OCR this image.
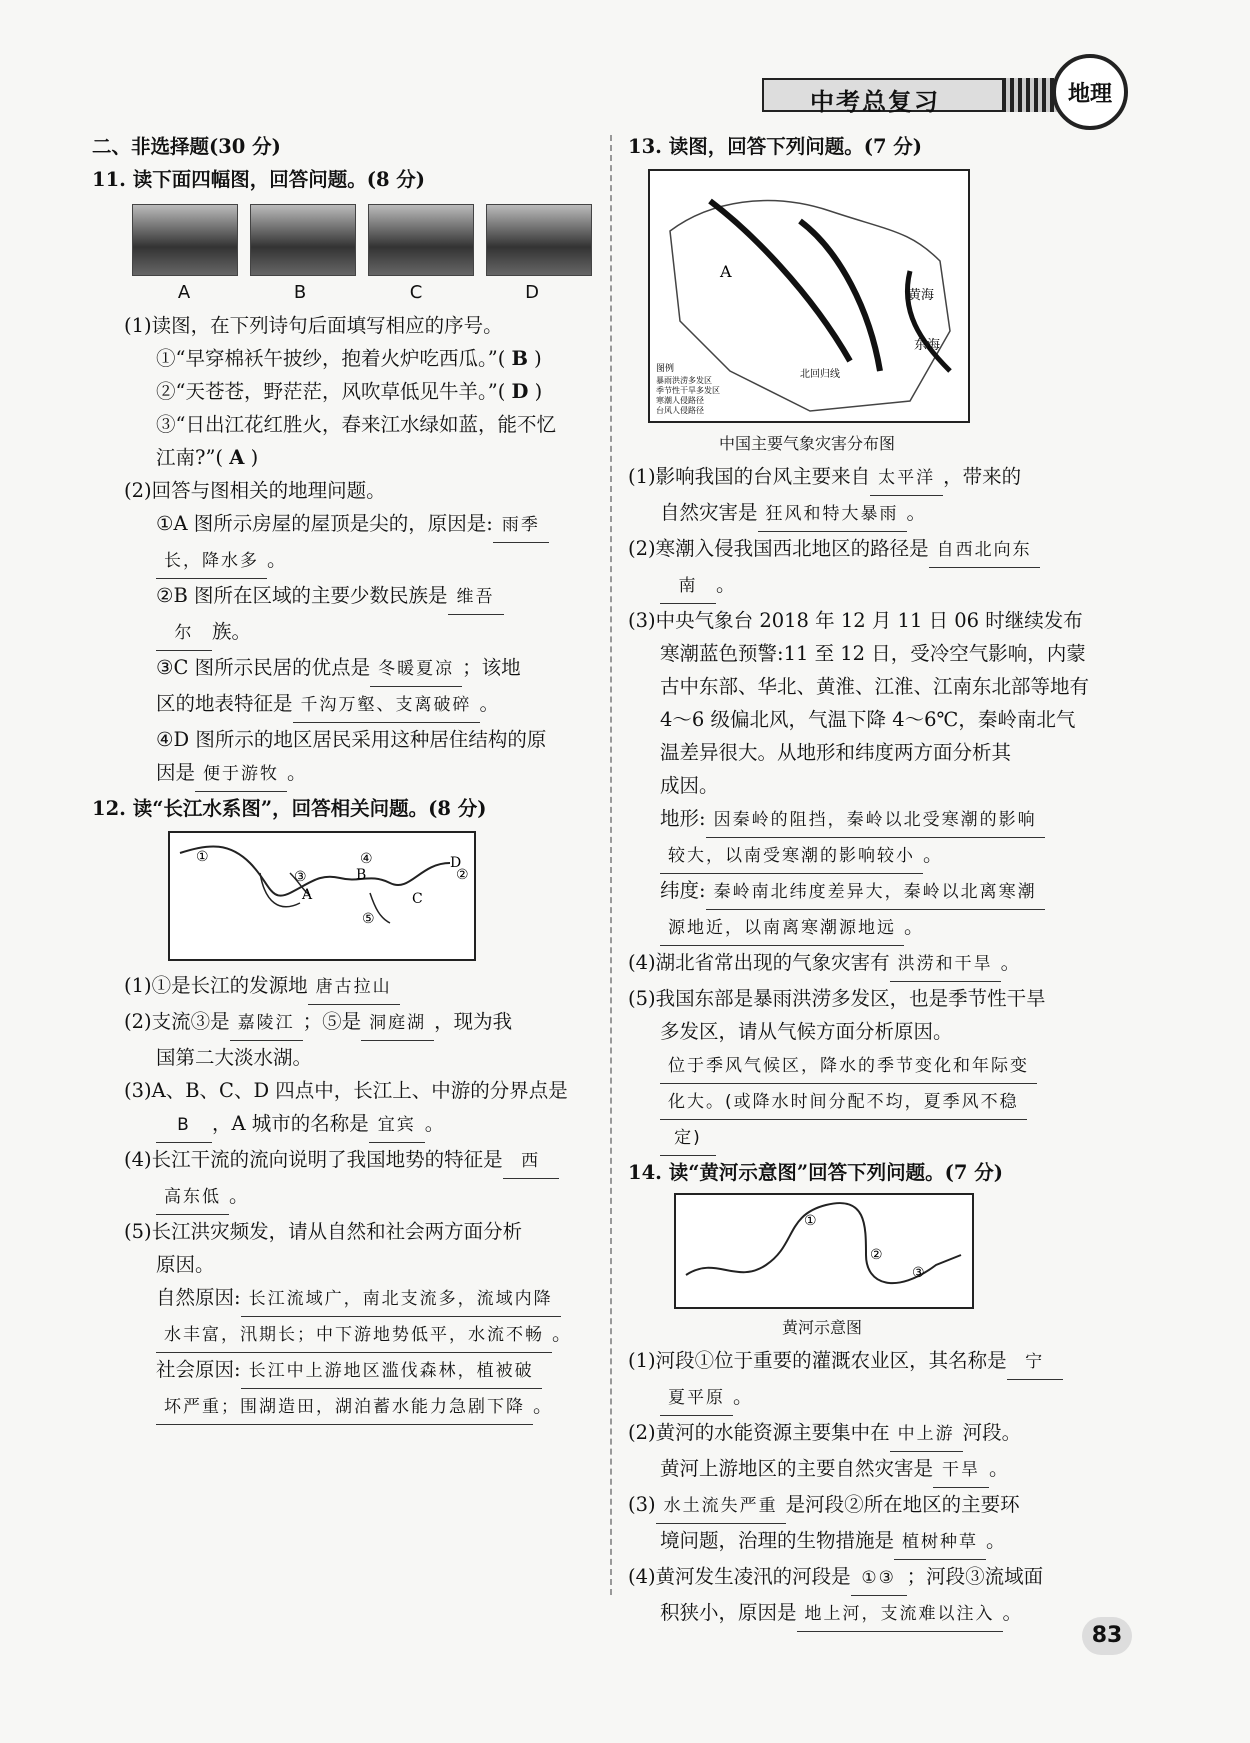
中考总复习	地理
二、非选择题(30 分)
11. 读下面四幅图，回答问题。(8 分)
A	B	C	D
(1)读图，在下列诗句后面填写相应的序号。
①“早穿棉袄午披纱，抱着火炉吃西瓜。”( B )
②“天苍苍，野茫茫，风吹草低见牛羊。”( D )
③“日出江花红胜火，春来江水绿如蓝，能不忆
江南?”( A )
(2)回答与图相关的地理问题。
①A 图所示房屋的屋顶是尖的，原因是: 雨季
长，降水多 。
②B 图所在区域的主要少数民族是 维吾
尔 族。
③C 图所示民居的优点是 冬暖夏凉 ；该地
区的地表特征是 千沟万壑、支离破碎 。
④D 图所示的地区居民采用这种居住结构的原
因是 便于游牧 。
12. 读“长江水系图”，回答相关问题。(8 分)
①
②
③
④
⑤
A
B
C
D
(1)①是长江的发源地 唐古拉山
(2)支流③是 嘉陵江 ；⑤是 洞庭湖 ，现为我
国第二大淡水湖。
(3)A、B、C、D 四点中，长江上、中游的分界点是
B ，A 城市的名称是 宜宾 。
(4)长江干流的流向说明了我国地势的特征是 西
高东低 。
(5)长江洪灾频发，请从自然和社会两方面分析
原因。
自然原因: 长江流域广，南北支流多，流域内降
水丰富，汛期长；中下游地势低平，水流不畅 。
社会原因: 长江中上游地区滥伐森林，植被破
坏严重；围湖造田，湖泊蓄水能力急剧下降 。
13. 读图，回答下列问题。(7 分)
黄海
东海
A
北回归线
图例
暴雨洪涝多发区
季节性干旱多发区
寒潮人侵路径
台风人侵路径
中国主要气象灾害分布图
(1)影响我国的台风主要来自 太平洋 ，带来的
自然灾害是 狂风和特大暴雨 。
(2)寒潮入侵我国西北地区的路径是 自西北向东
南 。
(3)中央气象台 2018 年 12 月 11 日 06 时继续发布
寒潮蓝色预警:11 至 12 日，受冷空气影响，内蒙
古中东部、华北、黄淮、江淮、江南东北部等地有
4～6 级偏北风，气温下降 4～6℃，秦岭南北气
温差异很大。从地形和纬度两方面分析其
成因。
地形: 因秦岭的阻挡，秦岭以北受寒潮的影响
较大，以南受寒潮的影响较小 。
纬度: 秦岭南北纬度差异大，秦岭以北离寒潮
源地近，以南离寒潮源地远 。
(4)湖北省常出现的气象灾害有 洪涝和干旱 。
(5)我国东部是暴雨洪涝多发区，也是季节性干旱
多发区，请从气候方面分析原因。
位于季风气候区，降水的季节变化和年际变
化大。(或降水时间分配不均，夏季风不稳
定)
14. 读“黄河示意图”回答下列问题。(7 分)
①
②
③
黄河示意图
(1)河段①位于重要的灌溉农业区，其名称是 宁
夏平原 。
(2)黄河的水能资源主要集中在 中上游 河段。
黄河上游地区的主要自然灾害是 干旱 。
(3) 水土流失严重 是河段②所在地区的主要环
境问题，治理的生物措施是 植树种草 。
(4)黄河发生凌汛的河段是 ①③ ；河段③流域面
积狭小，原因是 地上河，支流难以注入 。
83
